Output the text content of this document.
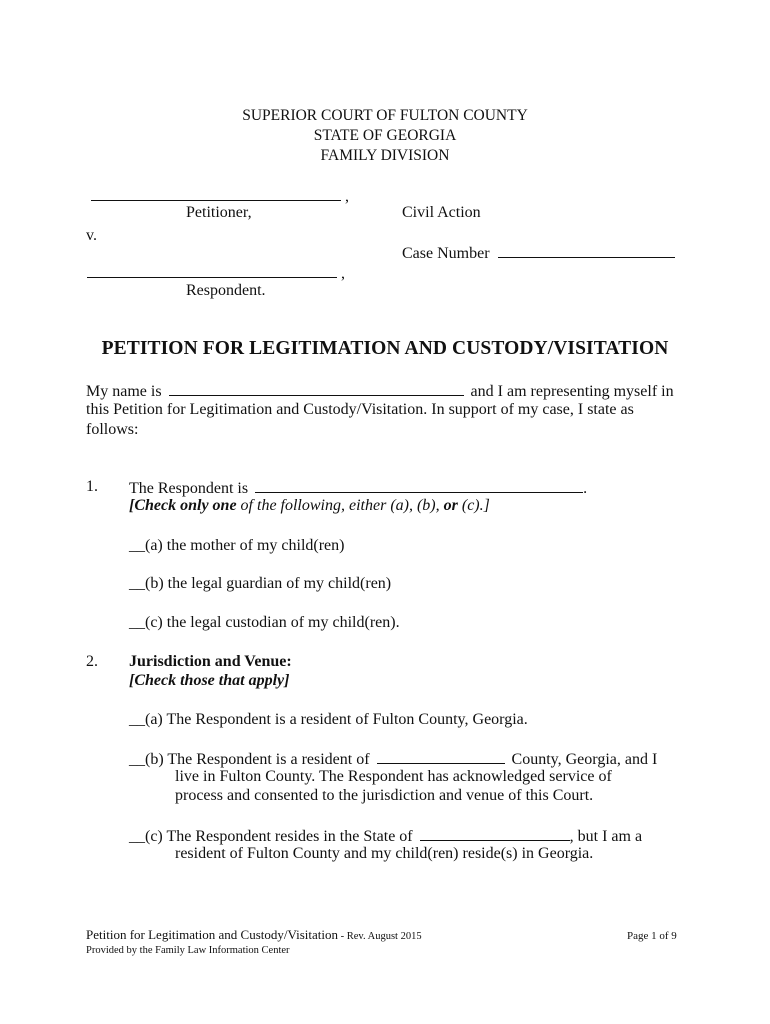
SUPERIOR COURT OF FULTON COUNTY
STATE OF GEORGIA
FAMILY DIVISION
,
Petitioner,	Civil Action
v.
Case Number
,
Respondent.
PETITION FOR LEGITIMATION AND CUSTODY/VISITATION
My name is	and I am representing myself in
this Petition for Legitimation and Custody/Visitation. In support of my case, I state as
follows:
1. The Respondent is	.
[Check only one of the following, either (a), (b), or (c).]
__(a) the mother of my child(ren)
__(b) the legal guardian of my child(ren)
__(c) the legal custodian of my child(ren).
2. Jurisdiction and Venue:
[Check those that apply]
__(a) The Respondent is a resident of Fulton County, Georgia.
__(b) The Respondent is a resident of	County, Georgia, and I
live in Fulton County. The Respondent has acknowledged service of
process and consented to the jurisdiction and venue of this Court.
__(c) The Respondent resides in the State of	, but I am a
resident of Fulton County and my child(ren) reside(s) in Georgia.
Petition for Legitimation and Custody/Visitation - Rev. August 2015
Provided by the Family Law Information Center
Page 1 of 9
